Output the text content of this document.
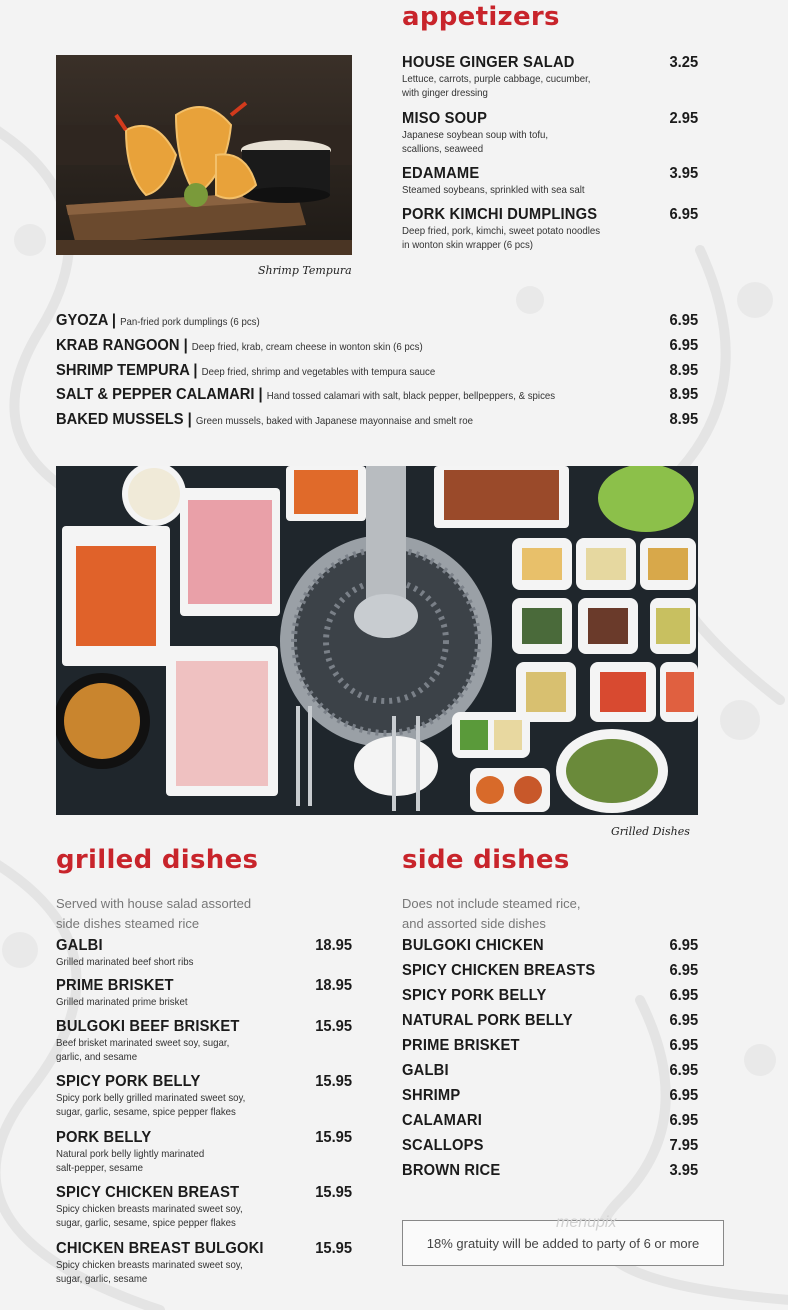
appetizers
Shrimp Tempura
HOUSE GINGER SALAD
Lettuce, carrots, purple cabbage, cucumber,
with ginger dressing
3.25
MISO SOUP
Japanese soybean soup with tofu,
scallions, seaweed
2.95
EDAMAME
Steamed soybeans, sprinkled with sea salt
3.95
PORK KIMCHI DUMPLINGS
Deep fried, pork, kimchi, sweet potato noodles
in wonton skin wrapper (6 pcs)
6.95
GYOZA | Pan-fried pork dumplings (6 pcs)	6.95
KRAB RANGOON | Deep fried, krab, cream cheese in wonton skin (6 pcs)	6.95
SHRIMP TEMPURA | Deep fried, shrimp and vegetables with tempura sauce	8.95
SALT & PEPPER CALAMARI | Hand tossed calamari with salt, black pepper, bellpeppers, & spices	8.95
BAKED MUSSELS | Green mussels, baked with Japanese mayonnaise and smelt roe	8.95
Grilled Dishes
grilled dishes
Served with house salad assorted
side dishes steamed rice
GALBI
Grilled marinated beef short ribs
18.95
PRIME BRISKET
Grilled marinated prime brisket
18.95
BULGOKI BEEF BRISKET
Beef brisket marinated sweet soy, sugar,
garlic, and sesame
15.95
SPICY PORK BELLY
Spicy pork belly grilled marinated sweet soy,
sugar, garlic, sesame, spice pepper flakes
15.95
PORK BELLY
Natural pork belly lightly marinated
salt-pepper, sesame
15.95
SPICY CHICKEN BREAST
Spicy chicken breasts marinated sweet soy,
sugar, garlic, sesame, spice pepper flakes
15.95
CHICKEN BREAST BULGOKI
Spicy chicken breasts marinated sweet soy,
sugar, garlic, sesame
15.95
side dishes
Does not include steamed rice,
and assorted side dishes
BULGOKI CHICKEN	6.95
SPICY CHICKEN BREASTS	6.95
SPICY PORK BELLY	6.95
NATURAL PORK BELLY	6.95
PRIME BRISKET	6.95
GALBI	6.95
SHRIMP	6.95
CALAMARI	6.95
SCALLOPS	7.95
BROWN RICE	3.95
18% gratuity will be added to party of 6 or more
menupix
